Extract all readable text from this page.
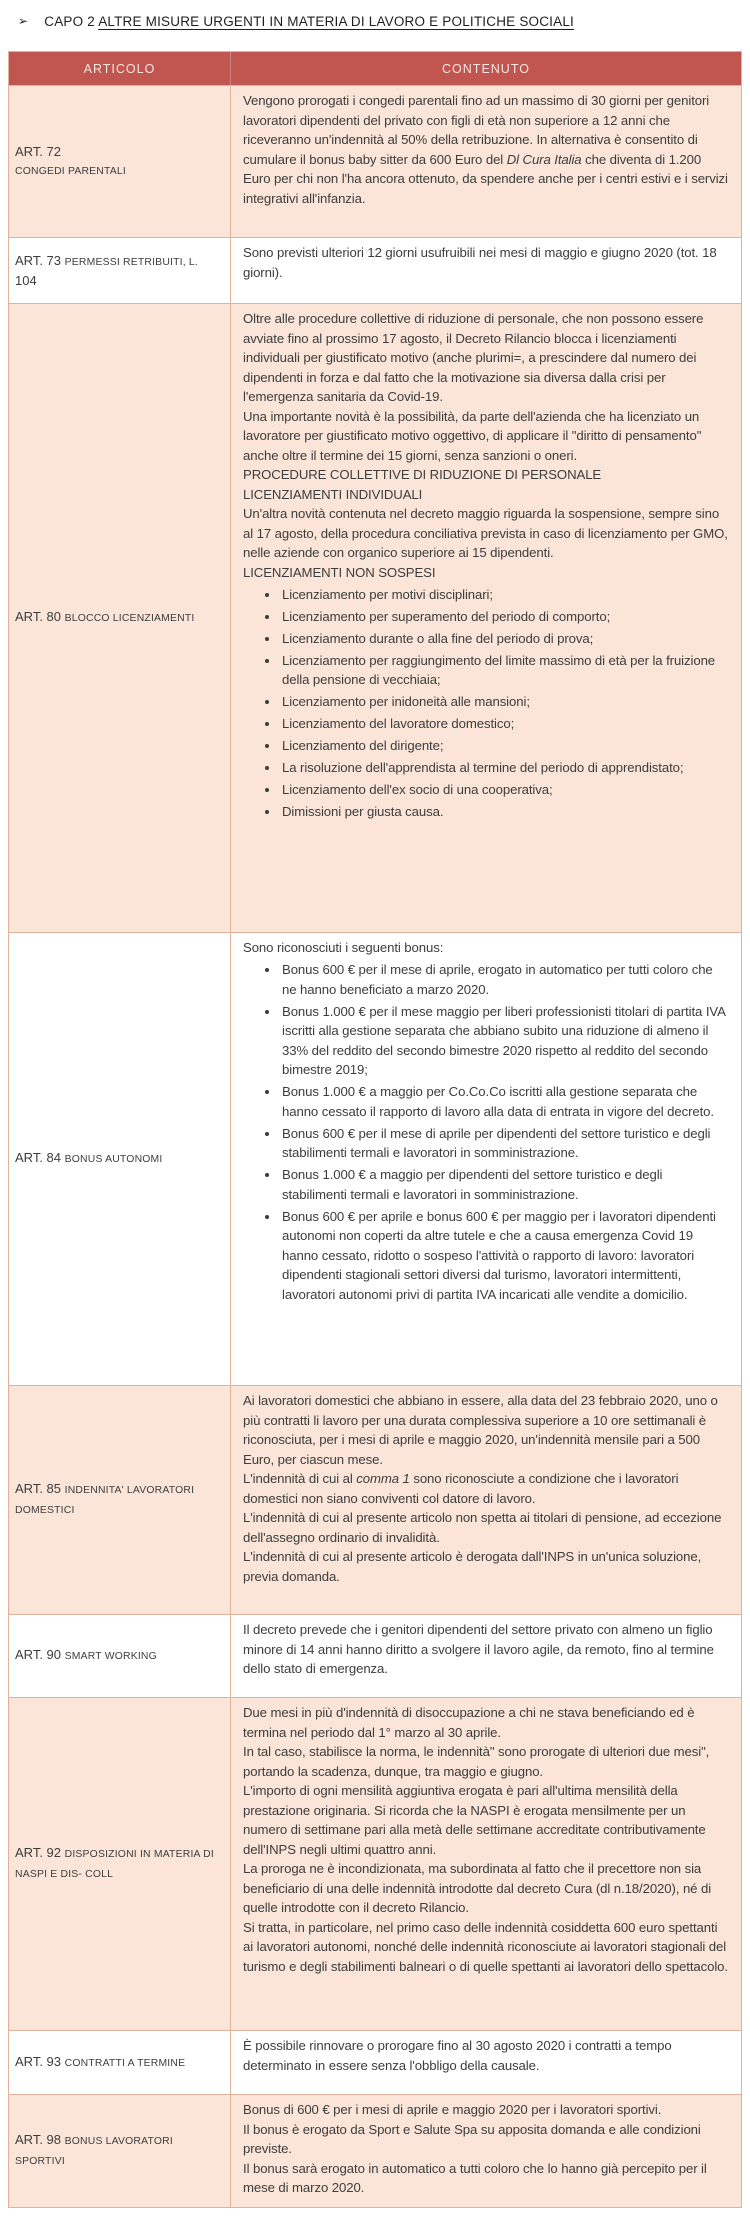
➢ CAPO 2 ALTRE MISURE URGENTI IN MATERIA DI LAVORO E POLITICHE SOCIALI
ARTICOLO	CONTENUTO
ART. 72
CONGEDI PARENTALI

Vengono prorogati i congedi parentali fino ad un massimo di 30 giorni per genitori lavoratori dipendenti del privato con figli di età non superiore a 12 anni che riceveranno un'indennità al 50% della retribuzione. In alternativa è consentito di cumulare il bonus baby sitter da 600 Euro del Dl Cura Italia che diventa di 1.200 Euro per chi non l'ha ancora ottenuto, da spendere anche per i centri estivi e i servizi integrativi all'infanzia.

ART. 73 PERMESSI RETRIBUITI, L. 104

Sono previsti ulteriori 12 giorni usufruibili nei mesi di maggio e giugno 2020 (tot. 18 giorni).

ART. 80 BLOCCO LICENZIAMENTI

Oltre alle procedure collettive di riduzione di personale, che non possono essere avviate fino al prossimo 17 agosto, il Decreto Rilancio blocca i licenziamenti individuali per giustificato motivo (anche plurimi=, a prescindere dal numero dei dipendenti in forza e dal fatto che la motivazione sia diversa dalla crisi per l'emergenza sanitaria da Covid-19.

Una importante novità è la possibilità, da parte dell'azienda che ha licenziato un lavoratore per giustificato motivo oggettivo, di applicare il "diritto di pensamento" anche oltre il termine dei 15 giorni, senza sanzioni o oneri.

PROCEDURE COLLETTIVE DI RIDUZIONE DI PERSONALE

LICENZIAMENTI INDIVIDUALI

Un'altra novità contenuta nel decreto maggio riguarda la sospensione, sempre sino al 17 agosto, della procedura conciliativa prevista in caso di licenziamento per GMO, nelle aziende con organico superiore ai 15 dipendenti.

LICENZIAMENTI NON SOSPESI

• Licenziamento per motivi disciplinari;
• Licenziamento per superamento del periodo di comporto;
• Licenziamento durante o alla fine del periodo di prova;
• Licenziamento per raggiungimento del limite massimo di età per la fruizione della pensione di vecchiaia;
• Licenziamento per inidoneità alle mansioni;
• Licenziamento del lavoratore domestico;
• Licenziamento del dirigente;
• La risoluzione dell'apprendista al termine del periodo di apprendistato;
• Licenziamento dell'ex socio di una cooperativa;
• Dimissioni per giusta causa.
ART. 84 BONUS AUTONOMI

Sono riconosciuti i seguenti bonus:

• Bonus 600 € per il mese di aprile, erogato in automatico per tutti coloro che ne hanno beneficiato a marzo 2020.
• Bonus 1.000 € per il mese maggio per liberi professionisti titolari di partita IVA iscritti alla gestione separata che abbiano subito una riduzione di almeno il 33% del reddito del secondo bimestre 2020 rispetto al reddito del secondo bimestre 2019;
• Bonus 1.000 € a maggio per Co.Co.Co iscritti alla gestione separata che hanno cessato il rapporto di lavoro alla data di entrata in vigore del decreto.
• Bonus 600 € per il mese di aprile per dipendenti del settore turistico e degli stabilimenti termali e lavoratori in somministrazione.
• Bonus 1.000 € a maggio per dipendenti del settore turistico e degli stabilimenti termali e lavoratori in somministrazione.
• Bonus 600 € per aprile e bonus 600 € per maggio per i lavoratori dipendenti autonomi non coperti da altre tutele e che a causa emergenza Covid 19 hanno cessato, ridotto o sospeso l'attività o rapporto di lavoro: lavoratori dipendenti stagionali settori diversi dal turismo, lavoratori intermittenti, lavoratori autonomi privi di partita IVA incaricati alle vendite a domicilio.
ART. 85 INDENNITA' LAVORATORI DOMESTICI

Ai lavoratori domestici che abbiano in essere, alla data del 23 febbraio 2020, uno o più contratti li lavoro per una durata complessiva superiore a 10 ore settimanali è riconosciuta, per i mesi di aprile e maggio 2020, un'indennità mensile pari a 500 Euro, per ciascun mese.

L'indennità di cui al comma 1 sono riconosciute a condizione che i lavoratori domestici non siano conviventi col datore di lavoro.

L'indennità di cui al presente articolo non spetta ai titolari di pensione, ad eccezione dell'assegno ordinario di invalidità.

L'indennità di cui al presente articolo è derogata dall'INPS in un'unica soluzione, previa domanda.

ART. 90 SMART WORKING

Il decreto prevede che i genitori dipendenti del settore privato con almeno un figlio minore di 14 anni hanno diritto a svolgere il lavoro agile, da remoto, fino al termine dello stato di emergenza.

ART. 92 DISPOSIZIONI IN MATERIA DI NASPI E DIS- COLL

Due mesi in più d'indennità di disoccupazione a chi ne stava beneficiando ed è termina nel periodo dal 1° marzo al 30 aprile.

In tal caso, stabilisce la norma, le indennità" sono prorogate di ulteriori due mesi", portando la scadenza, dunque, tra maggio e giugno.

L'importo di ogni mensilità aggiuntiva erogata è pari all'ultima mensilità della prestazione originaria. Si ricorda che la NASPI è erogata mensilmente per un numero di settimane pari alla metà delle settimane accreditate contributivamente dell'INPS negli ultimi quattro anni.

La proroga ne è incondizionata, ma subordinata al fatto che il precettore non sia beneficiario di una delle indennità introdotte dal decreto Cura (dl n.18/2020), né di quelle introdotte con il decreto Rilancio.

Si tratta, in particolare, nel primo caso delle indennità cosiddetta 600 euro spettanti ai lavoratori autonomi, nonché delle indennità riconosciute ai lavoratori stagionali del turismo e degli stabilimenti balneari o di quelle spettanti ai lavoratori dello spettacolo.

ART. 93 CONTRATTI A TERMINE

È possibile rinnovare o prorogare fino al 30 agosto 2020 i contratti a tempo determinato in essere senza l'obbligo della causale.

ART. 98 BONUS LAVORATORI SPORTIVI

Bonus di 600 € per i mesi di aprile e maggio 2020 per i lavoratori sportivi.

Il bonus è erogato da Sport e Salute Spa su apposita domanda e alle condizioni previste.

Il bonus sarà erogato in automatico a tutti coloro che lo hanno già percepito per il mese di marzo 2020.
